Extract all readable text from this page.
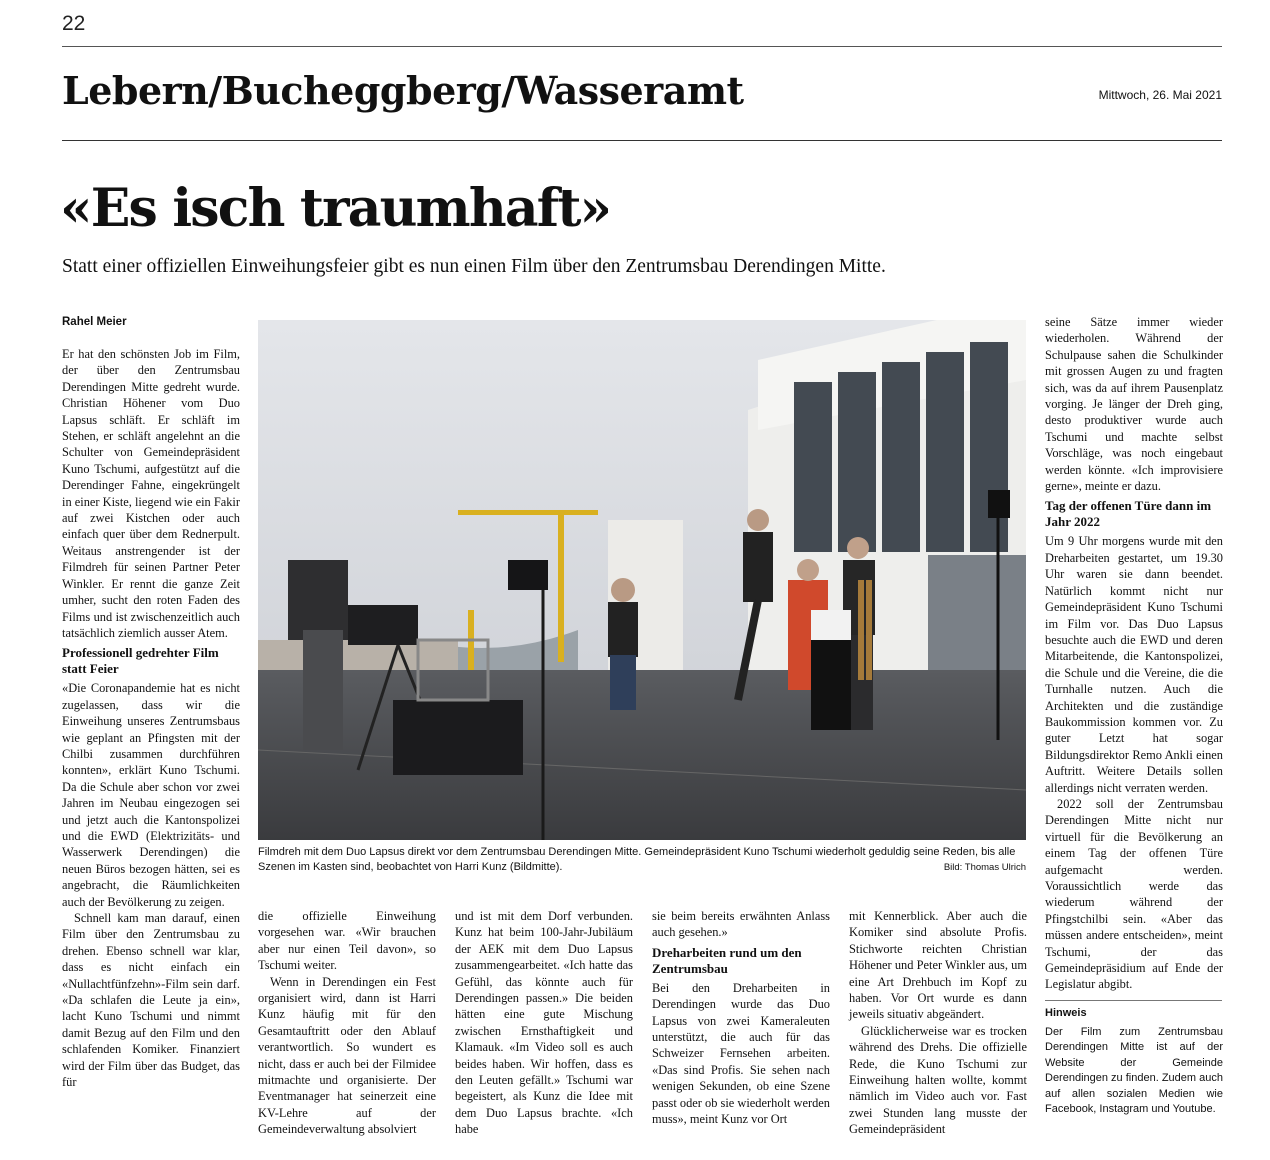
22
Lebern/Bucheggberg/Wasseramt	Mittwoch, 26. Mai 2021
«Es isch traumhaft»
Statt einer offiziellen Einweihungsfeier gibt es nun einen Film über den Zentrumsbau Derendingen Mitte.
Rahel Meier

Er hat den schönsten Job im Film, der über den Zentrumsbau Derendingen Mitte gedreht wurde. Christian Höhener vom Duo Lapsus schläft. Er schläft im Stehen, er schläft angelehnt an die Schulter von Gemeindepräsident Kuno Tschumi, aufgestützt auf die Derendinger Fahne, eingekrüngelt in einer Kiste, liegend wie ein Fakir auf zwei Kistchen oder auch einfach quer über dem Rednerpult. Weitaus anstrengender ist der Filmdreh für seinen Partner Peter Winkler. Er rennt die ganze Zeit umher, sucht den roten Faden des Films und ist zwischenzeitlich auch tatsächlich ziemlich ausser Atem.

Professionell gedrehter Film statt Feier

«Die Coronapandemie hat es nicht zugelassen, dass wir die Einweihung unseres Zentrumsbaus wie geplant an Pfingsten mit der Chilbi zusammen durchführen konnten», erklärt Kuno Tschumi. Da die Schule aber schon vor zwei Jahren im Neubau eingezogen sei und jetzt auch die Kantonspolizei und die EWD (Elektrizitäts- und Wasserwerk Derendingen) die neuen Büros bezogen hätten, sei es angebracht, die Räumlichkeiten auch der Bevölkerung zu zeigen.

Schnell kam man darauf, einen Film über den Zentrumsbau zu drehen. Ebenso schnell war klar, dass es nicht einfach ein «Nullachtfünfzehn»-Film sein darf. «Da schlafen die Leute ja ein», lacht Kuno Tschumi und nimmt damit Bezug auf den Film und den schlafenden Komiker. Finanziert wird der Film über das Budget, das für

Filmdreh mit dem Duo Lapsus direkt vor dem Zentrumsbau Derendingen Mitte. Gemeindepräsident Kuno Tschumi wiederholt geduldig seine Reden, bis alle Szenen im Kasten sind, beobachtet von Harri Kunz (Bildmitte).	Bild: Thomas Ulrich

die offizielle Einweihung vorgesehen war. «Wir brauchen aber nur einen Teil davon», so Tschumi weiter.

Wenn in Derendingen ein Fest organisiert wird, dann ist Harri Kunz häufig mit für den Gesamtauftritt oder den Ablauf verantwortlich. So wundert es nicht, dass er auch bei der Filmidee mitmachte und organisierte. Der Eventmanager hat seinerzeit eine KV-Lehre auf der Gemeindeverwaltung absolviert

und ist mit dem Dorf verbunden. Kunz hat beim 100-Jahr-Jubiläum der AEK mit dem Duo Lapsus zusammengearbeitet. «Ich hatte das Gefühl, das könnte auch für Derendingen passen.» Die beiden hätten eine gute Mischung zwischen Ernsthaftigkeit und Klamauk. «Im Video soll es auch beides haben. Wir hoffen, dass es den Leuten gefällt.» Tschumi war begeistert, als Kunz die Idee mit dem Duo Lapsus brachte. «Ich habe

sie beim bereits erwähnten Anlass auch gesehen.»

Dreharbeiten rund um den Zentrumsbau

Bei den Dreharbeiten in Derendingen wurde das Duo Lapsus von zwei Kameraleuten unterstützt, die auch für das Schweizer Fernsehen arbeiten. «Das sind Profis. Sie sehen nach wenigen Sekunden, ob eine Szene passt oder ob sie wiederholt werden muss», meint Kunz vor Ort

mit Kennerblick. Aber auch die Komiker sind absolute Profis. Stichworte reichten Christian Höhener und Peter Winkler aus, um eine Art Drehbuch im Kopf zu haben. Vor Ort wurde es dann jeweils situativ abgeändert.

Glücklicherweise war es trocken während des Drehs. Die offizielle Rede, die Kuno Tschumi zur Einweihung halten wollte, kommt nämlich im Video auch vor. Fast zwei Stunden lang musste der Gemeindepräsident

seine Sätze immer wieder wiederholen. Während der Schulpause sahen die Schulkinder mit grossen Augen zu und fragten sich, was da auf ihrem Pausenplatz vorging. Je länger der Dreh ging, desto produktiver wurde auch Tschumi und machte selbst Vorschläge, was noch eingebaut werden könnte. «Ich improvisiere gerne», meinte er dazu.

Tag der offenen Türe dann im Jahr 2022

Um 9 Uhr morgens wurde mit den Dreharbeiten gestartet, um 19.30 Uhr waren sie dann beendet. Natürlich kommt nicht nur Gemeindepräsident Kuno Tschumi im Film vor. Das Duo Lapsus besuchte auch die EWD und deren Mitarbeitende, die Kantonspolizei, die Schule und die Vereine, die die Turnhalle nutzen. Auch die Architekten und die zuständige Baukommission kommen vor. Zu guter Letzt hat sogar Bildungsdirektor Remo Ankli einen Auftritt. Weitere Details sollen allerdings nicht verraten werden.

2022 soll der Zentrumsbau Derendingen Mitte nicht nur virtuell für die Bevölkerung an einem Tag der offenen Türe aufgemacht werden. Voraussichtlich werde das wiederum während der Pfingstchilbi sein. «Aber das müssen andere entscheiden», meint Tschumi, der das Gemeindepräsidium auf Ende der Legislatur abgibt.

Hinweis
Der Film zum Zentrumsbau Derendingen Mitte ist auf der Website der Gemeinde Derendingen zu finden. Zudem auch auf allen sozialen Medien wie Facebook, Instagram und Youtube.
